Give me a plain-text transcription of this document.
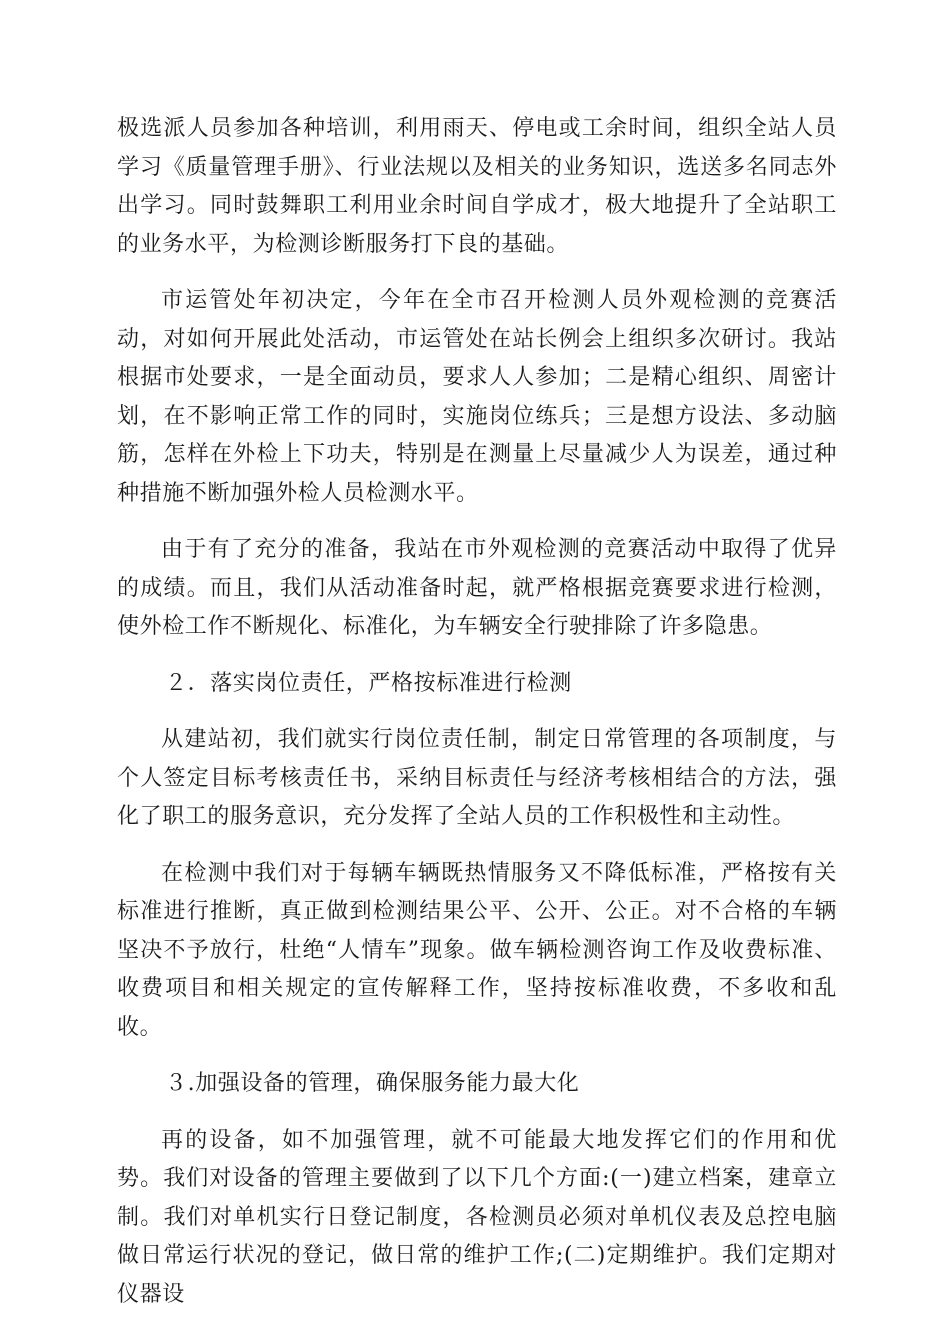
极选派人员参加各种培训，利用雨天、停电或工余时间，组织全站人员学习《质量管理手册》、行业法规以及相关的业务知识，选送多名同志外出学习。同时鼓舞职工利用业余时间自学成才，极大地提升了全站职工的业务水平，为检测诊断服务打下良的基础。

市运管处年初决定，今年在全市召开检测人员外观检测的竞赛活动，对如何开展此处活动，市运管处在站长例会上组织多次研讨。我站根据市处要求，一是全面动员，要求人人参加；二是精心组织、周密计划，在不影响正常工作的同时，实施岗位练兵；三是想方设法、多动脑筋，怎样在外检上下功夫，特别是在测量上尽量减少人为误差，通过种种措施不断加强外检人员检测水平。

由于有了充分的准备，我站在市外观检测的竞赛活动中取得了优异的成绩。而且，我们从活动准备时起，就严格根据竞赛要求进行检测，使外检工作不断规化、标准化，为车辆安全行驶排除了许多隐患。

２．落实岗位责任，严格按标准进行检测

从建站初，我们就实行岗位责任制，制定日常管理的各项制度，与个人签定目标考核责任书，采纳目标责任与经济考核相结合的方法，强化了职工的服务意识，充分发挥了全站人员的工作积极性和主动性。

在检测中我们对于每辆车辆既热情服务又不降低标准，严格按有关标准进行推断，真正做到检测结果公平、公开、公正。对不合格的车辆坚决不予放行，杜绝“人情车”现象。做车辆检测咨询工作及收费标准、收费项目和相关规定的宣传解释工作，坚持按标准收费，不多收和乱收。

３.加强设备的管理，确保服务能力最大化

再的设备，如不加强管理，就不可能最大地发挥它们的作用和优势。我们对设备的管理主要做到了以下几个方面:(一)建立档案，建章立制。我们对单机实行日登记制度，各检测员必须对单机仪表及总控电脑做日常运行状况的登记，做日常的维护工作;(二)定期维护。我们定期对仪器设
